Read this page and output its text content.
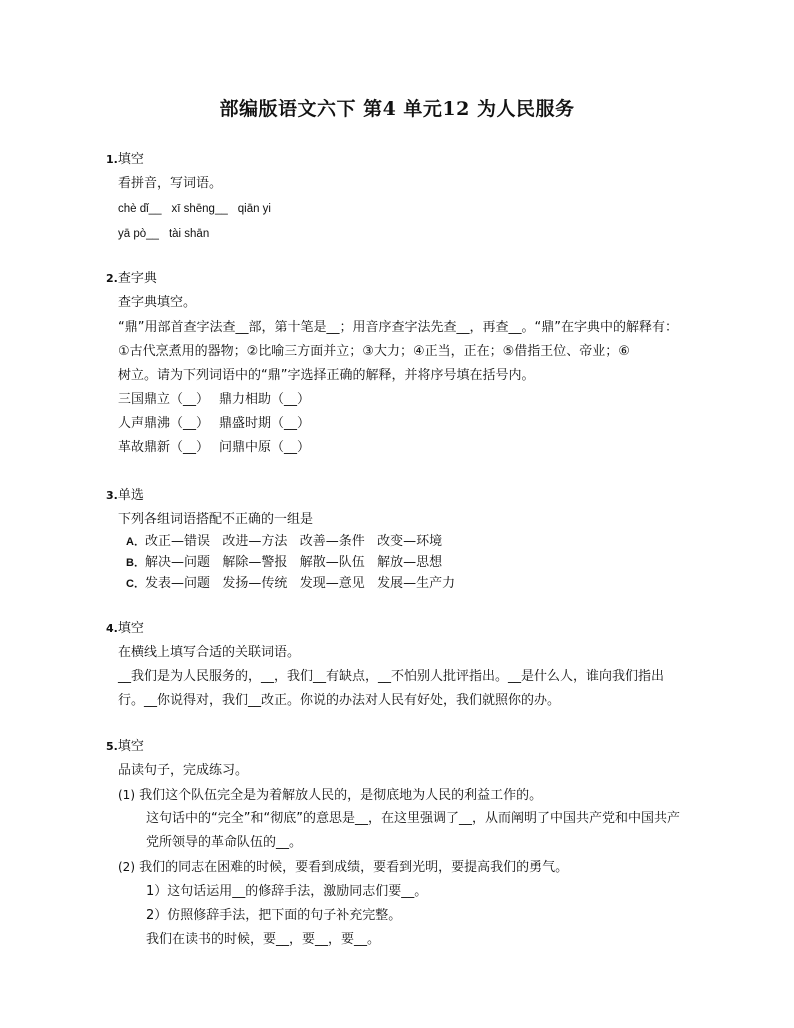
部编版语文六下 第4 单元12 为人民服务
1.填空
看拼音，写词语。
chè dǐ__ xī shēng__ qiān yi
yā pò__ tài shān
2.查字典
查字典填空。
“鼎”用部首查字法查__部，第十笔是__；用音序查字法先查__，再查__。“鼎”在字典中的解释有：
①古代烹煮用的器物；②比喻三方面并立；③大力；④正当，正在；⑤借指王位、帝业；⑥
树立。请为下列词语中的“鼎”字选择正确的解释，并将序号填在括号内。
三国鼎立（__） 鼎力相助（__）
人声鼎沸（__） 鼎盛时期（__）
革故鼎新（__） 问鼎中原（__）
3.单选
下列各组词语搭配不正确的一组是
A．改正—错误   改进—方法   改善—条件   改变—环境
B．解决—问题   解除—警报   解散—队伍   解放—思想
C．发表—问题   发扬—传统   发现—意见   发展—生产力
4.填空
在横线上填写合适的关联词语。
__我们是为人民服务的，__，我们__有缺点，__不怕别人批评指出。__是什么人，谁向我们指出
行。__你说得对，我们__改正。你说的办法对人民有好处，我们就照你的办。
5.填空
品读句子，完成练习。
(1) 我们这个队伍完全是为着解放人民的，是彻底地为人民的利益工作的。
这句话中的“完全”和“彻底”的意思是__，在这里强调了__，从而阐明了中国共产党和中国共产
党所领导的革命队伍的__。
(2) 我们的同志在困难的时候，要看到成绩，要看到光明，要提高我们的勇气。
1）这句话运用__的修辞手法，激励同志们要__。
2）仿照修辞手法，把下面的句子补充完整。
我们在读书的时候，要__，要__，要__。
